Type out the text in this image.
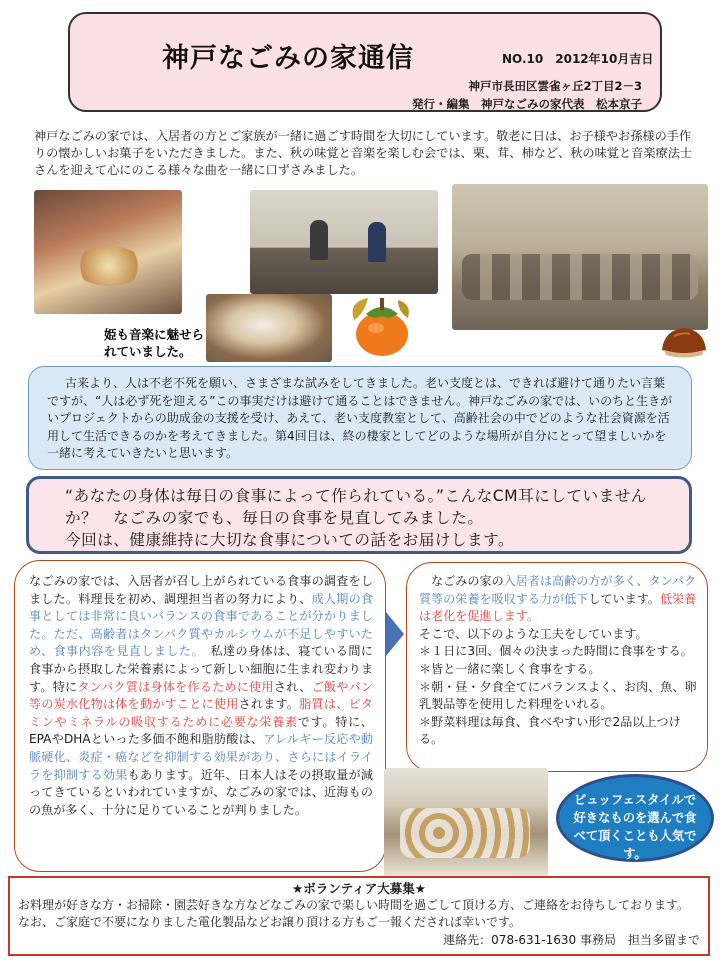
神戸なごみの家通信	NO.10　2012年10月吉日
神戸市長田区雲雀ヶ丘2丁目2－3
発行・編集　神戸なごみの家代表　松本京子

神戸なごみの家では、入居者の方とご家族が一緒に過ごす時間を大切にしています。敬老に日は、お子様やお孫様の手作りの懐かしいお菓子をいただきました。また、秋の味覚と音楽を楽しむ会では、栗、茸、柿など、秋の味覚と音楽療法士さんを迎えて心にのこる様々な曲を一緒に口ずさみました。

姫も音楽に魅せられていました。
古来より、人は不老不死を願い、さまざまな試みをしてきました。老い支度とは、できれば避けて通りたい言葉ですが、“人は必ず死を迎える”この事実だけは避けて通ることはできません。神戸なごみの家では、いのちと生きがいプロジェクトからの助成金の支援を受け、あえて、老い支度教室として、高齢社会の中でどのような社会資源を活用して生活できるのかを考えてきました。第4回目は、終の棲家としてどのような場所が自分にとって望ましいかを一緒に考えていきたいと思います。
“あなたの身体は毎日の食事によって作られている。”こんなCM耳にしていませんか？　なごみの家でも、毎日の食事を見直してみました。
今回は、健康維持に大切な食事についての話をお届けします。
なごみの家では、入居者が召し上がられている食事の調査をしました。料理長を初め、調理担当者の努力により、成人期の食事としては非常に良いバランスの食事であることが分かりました。ただ、高齢者はタンパク質やカルシウムが不足しやすいため、食事内容を見直しました。　私達の身体は、寝ている間に食事から摂取した栄養素によって新しい細胞に生まれ変わります。特にタンパク質は身体を作るために使用され、ご飯やパン等の炭水化物は体を動かすことに使用されます。脂質は、ビタミンやミネラルの吸収するために必要な栄養素です。特に、EPAやDHAといった多価不飽和脂肪酸は、アレルギー反応や動脈硬化、炎症・癌などを抑制する効果があり、さらにはイライラを抑制する効果もあります。近年、日本人はその摂取量が減ってきているといわれていますが、なごみの家では、近海ものの魚が多く、十分に足りていることが判りました。
なごみの家の入居者は高齢の方が多く、タンパク質等の栄養を吸収する力が低下しています。低栄養は老化を促進します。
そこで、以下のような工夫をしています。
＊１日に3回、個々の決まった時間に食事をする。
＊皆と一緒に楽しく食事をする。
＊朝・昼・夕食全てにバランスよく、お肉、魚、卵　乳製品等を使用した料理をいれる。
＊野菜料理は毎食、食べやすい形で2品以上つける。
ビュッフェスタイルで好きなものを選んで食べて頂くことも人気です。
★ボランティア大募集★
お料理が好きな方・お掃除・園芸好きな方などなごみの家で楽しい時間を過ごして頂ける方、ご連絡をお待ちしております。なお、ご家庭で不要になりました電化製品などお譲り頂ける方もご一報くだされば幸いです。
連絡先：078-631-1630 事務局　担当多留まで
